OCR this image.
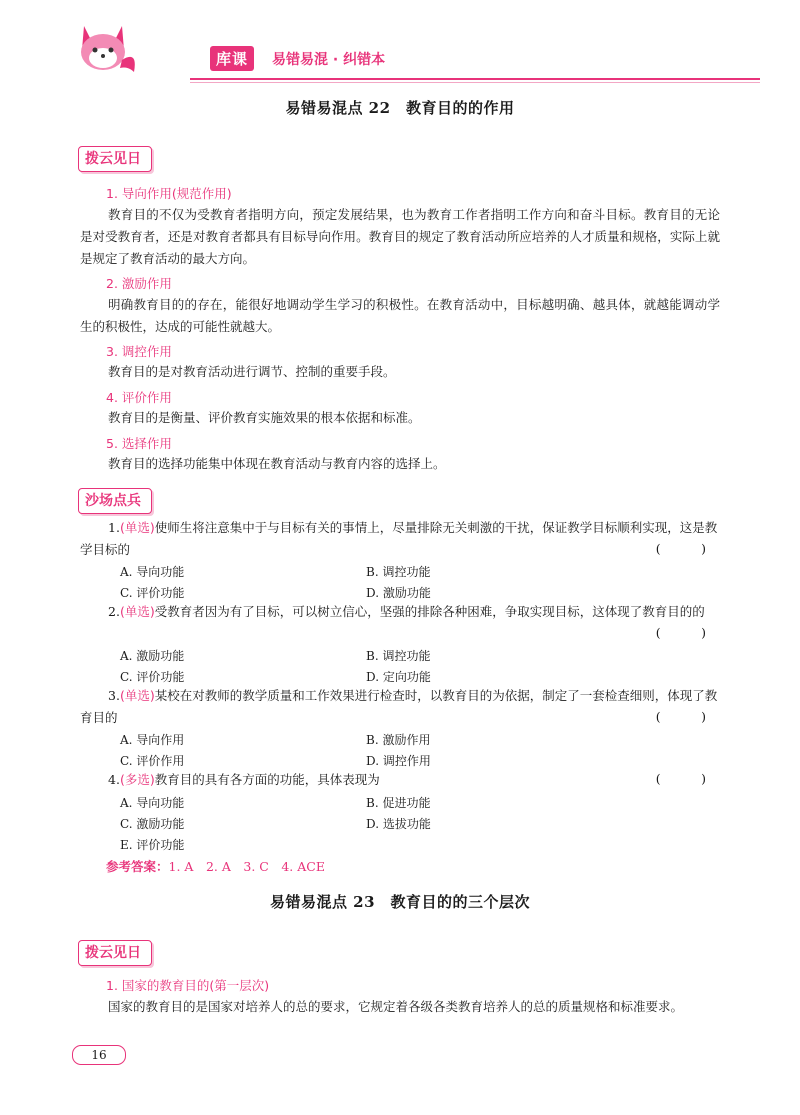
库课
Wode Life
易错易混 · 纠错本
易错易混点 22　教育目的的作用
拨云见日
1. 导向作用(规范作用)
教育目的不仅为受教育者指明方向，预定发展结果，也为教育工作者指明工作方向和奋斗目标。教育目的无论是对受教育者，还是对教育者都具有目标导向作用。教育目的规定了教育活动所应培养的人才质量和规格，实际上就是规定了教育活动的最大方向。
2. 激励作用
明确教育目的的存在，能很好地调动学生学习的积极性。在教育活动中，目标越明确、越具体，就越能调动学生的积极性，达成的可能性就越大。
3. 调控作用
教育目的是对教育活动进行调节、控制的重要手段。
4. 评价作用
教育目的是衡量、评价教育实施效果的根本依据和标准。
5. 选择作用
教育目的选择功能集中体现在教育活动与教育内容的选择上。
沙场点兵
1.(单选)使师生将注意集中于与目标有关的事情上，尽量排除无关刺激的干扰，保证教学目标顺利实现，这是教学目标的	(　)
A. 导向功能	B. 调控功能
C. 评价功能	D. 激励功能
2.(单选)受教育者因为有了目标，可以树立信心，坚强的排除各种困难，争取实现目标，这体现了教育目的的
(　)
A. 激励功能	B. 调控功能
C. 评价功能	D. 定向功能
3.(单选)某校在对教师的教学质量和工作效果进行检查时，以教育目的为依据，制定了一套检查细则，体现了教育目的	(　)
A. 导向作用	B. 激励作用
C. 评价作用	D. 调控作用
4.(多选)教育目的具有各方面的功能，具体表现为	(　)
A. 导向功能	B. 促进功能
C. 激励功能	D. 选拔功能
E. 评价功能
参考答案：1. A　2. A　3. C　4. ACE
易错易混点 23　教育目的的三个层次
拨云见日
1. 国家的教育目的(第一层次)
国家的教育目的是国家对培养人的总的要求，它规定着各级各类教育培养人的总的质量规格和标准要求。
16
